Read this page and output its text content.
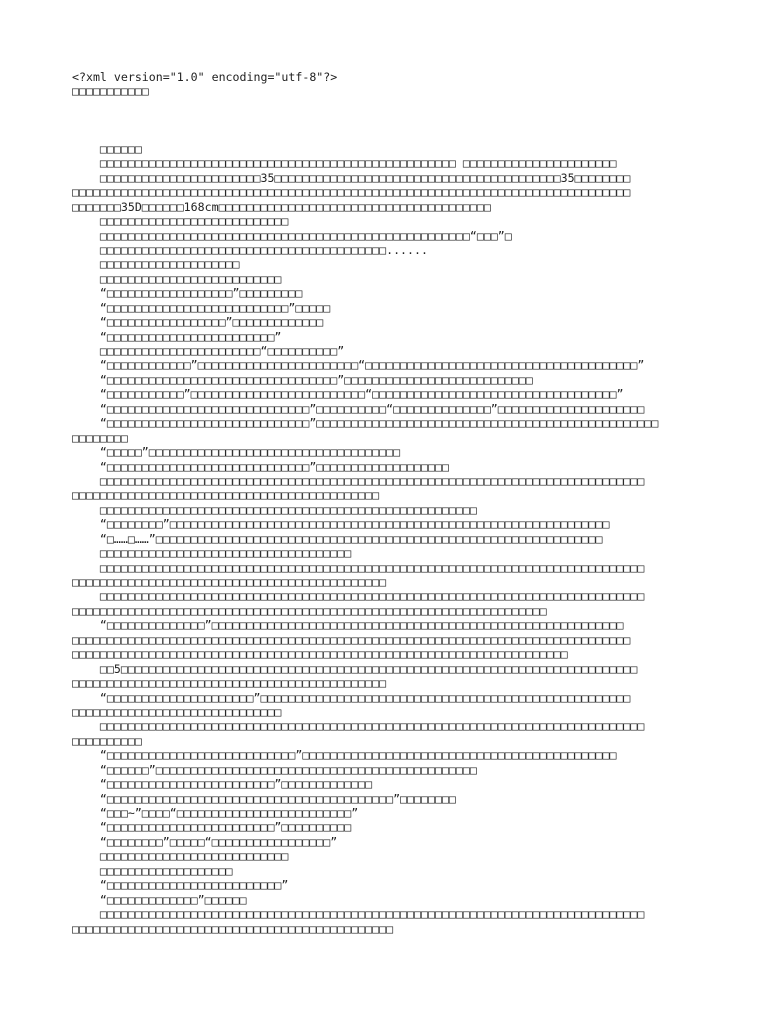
<?xml version="1.0" encoding="utf-8"?>
□□□□□□□□□□□
□□□□□□
□□□□□□□□□□□□□□□□□□□□□□□□□□□□□□□□□□□□□□□□□□□□□□□□□□□ □□□□□□□□□□□□□□□□□□□□□□
□□□□□□□□□□□□□□□□□□□□□□□35□□□□□□□□□□□□□□□□□□□□□□□□□□□□□□□□□□□□□□□□□35□□□□□□□□
□□□□□□□□□□□□□□□□□□□□□□□□□□□□□□□□□□□□□□□□□□□□□□□□□□□□□□□□□□□□□□□□□□□□□□□□□□□□□□□□
□□□□□□□35D□□□□□□168cm□□□□□□□□□□□□□□□□□□□□□□□□□□□□□□□□□□□□□□□
□□□□□□□□□□□□□□□□□□□□□□□□□□□
□□□□□□□□□□□□□□□□□□□□□□□□□□□□□□□□□□□□□□□□□□□□□□□□□□□□□“□□□”□
□□□□□□□□□□□□□□□□□□□□□□□□□□□□□□□□□□□□□□□□□......
□□□□□□□□□□□□□□□□□□□□
□□□□□□□□□□□□□□□□□□□□□□□□□□
“□□□□□□□□□□□□□□□□□□”□□□□□□□□□
“□□□□□□□□□□□□□□□□□□□□□□□□□□”□□□□□
“□□□□□□□□□□□□□□□□□”□□□□□□□□□□□□□
“□□□□□□□□□□□□□□□□□□□□□□□□”
□□□□□□□□□□□□□□□□□□□□□□□“□□□□□□□□□□”
“□□□□□□□□□□□□”□□□□□□□□□□□□□□□□□□□□□□□“□□□□□□□□□□□□□□□□□□□□□□□□□□□□□□□□□□□□□□□”
“□□□□□□□□□□□□□□□□□□□□□□□□□□□□□□□□□”□□□□□□□□□□□□□□□□□□□□□□□□□□□
“□□□□□□□□□□□”□□□□□□□□□□□□□□□□□□□□□□□□□“□□□□□□□□□□□□□□□□□□□□□□□□□□□□□□□□□□□”
“□□□□□□□□□□□□□□□□□□□□□□□□□□□□□”□□□□□□□□□□“□□□□□□□□□□□□□□”□□□□□□□□□□□□□□□□□□□□□
“□□□□□□□□□□□□□□□□□□□□□□□□□□□□□”□□□□□□□□□□□□□□□□□□□□□□□□□□□□□□□□□□□□□□□□□□□□□□□□□
□□□□□□□□
“□□□□□”□□□□□□□□□□□□□□□□□□□□□□□□□□□□□□□□□□□□
“□□□□□□□□□□□□□□□□□□□□□□□□□□□□□”□□□□□□□□□□□□□□□□□□□
□□□□□□□□□□□□□□□□□□□□□□□□□□□□□□□□□□□□□□□□□□□□□□□□□□□□□□□□□□□□□□□□□□□□□□□□□□□□□□
□□□□□□□□□□□□□□□□□□□□□□□□□□□□□□□□□□□□□□□□□□□□
□□□□□□□□□□□□□□□□□□□□□□□□□□□□□□□□□□□□□□□□□□□□□□□□□□□□□□
“□□□□□□□□”□□□□□□□□□□□□□□□□□□□□□□□□□□□□□□□□□□□□□□□□□□□□□□□□□□□□□□□□□□□□□□□
“□……□……”□□□□□□□□□□□□□□□□□□□□□□□□□□□□□□□□□□□□□□□□□□□□□□□□□□□□□□□□□□□□□□□□
□□□□□□□□□□□□□□□□□□□□□□□□□□□□□□□□□□□□
□□□□□□□□□□□□□□□□□□□□□□□□□□□□□□□□□□□□□□□□□□□□□□□□□□□□□□□□□□□□□□□□□□□□□□□□□□□□□□
□□□□□□□□□□□□□□□□□□□□□□□□□□□□□□□□□□□□□□□□□□□□□
□□□□□□□□□□□□□□□□□□□□□□□□□□□□□□□□□□□□□□□□□□□□□□□□□□□□□□□□□□□□□□□□□□□□□□□□□□□□□□
□□□□□□□□□□□□□□□□□□□□□□□□□□□□□□□□□□□□□□□□□□□□□□□□□□□□□□□□□□□□□□□□□□□□
“□□□□□□□□□□□□□□”□□□□□□□□□□□□□□□□□□□□□□□□□□□□□□□□□□□□□□□□□□□□□□□□□□□□□□□□□□□
□□□□□□□□□□□□□□□□□□□□□□□□□□□□□□□□□□□□□□□□□□□□□□□□□□□□□□□□□□□□□□□□□□□□□□□□□□□□□□□□
□□□□□□□□□□□□□□□□□□□□□□□□□□□□□□□□□□□□□□□□□□□□□□□□□□□□□□□□□□□□□□□□□□□□□□□
□□5□□□□□□□□□□□□□□□□□□□□□□□□□□□□□□□□□□□□□□□□□□□□□□□□□□□□□□□□□□□□□□□□□□□□□□□□□□
□□□□□□□□□□□□□□□□□□□□□□□□□□□□□□□□□□□□□□□□□□□□□
“□□□□□□□□□□□□□□□□□□□□□”□□□□□□□□□□□□□□□□□□□□□□□□□□□□□□□□□□□□□□□□□□□□□□□□□□□□□
□□□□□□□□□□□□□□□□□□□□□□□□□□□□□□
□□□□□□□□□□□□□□□□□□□□□□□□□□□□□□□□□□□□□□□□□□□□□□□□□□□□□□□□□□□□□□□□□□□□□□□□□□□□□□
□□□□□□□□□□
“□□□□□□□□□□□□□□□□□□□□□□□□□□□”□□□□□□□□□□□□□□□□□□□□□□□□□□□□□□□□□□□□□□□□□□□□□
“□□□□□□”□□□□□□□□□□□□□□□□□□□□□□□□□□□□□□□□□□□□□□□□□□□□□□
“□□□□□□□□□□□□□□□□□□□□□□□□”□□□□□□□□□□□□□
“□□□□□□□□□□□□□□□□□□□□□□□□□□□□□□□□□□□□□□□□□”□□□□□□□□
“□□□~”□□□□“□□□□□□□□□□□□□□□□□□□□□□□□□”
“□□□□□□□□□□□□□□□□□□□□□□□□”□□□□□□□□□□
“□□□□□□□□”□□□□□“□□□□□□□□□□□□□□□□□”
□□□□□□□□□□□□□□□□□□□□□□□□□□□
□□□□□□□□□□□□□□□□□□□
“□□□□□□□□□□□□□□□□□□□□□□□□□”
“□□□□□□□□□□□□□”□□□□□□
□□□□□□□□□□□□□□□□□□□□□□□□□□□□□□□□□□□□□□□□□□□□□□□□□□□□□□□□□□□□□□□□□□□□□□□□□□□□□□
□□□□□□□□□□□□□□□□□□□□□□□□□□□□□□□□□□□□□□□□□□□□□□
